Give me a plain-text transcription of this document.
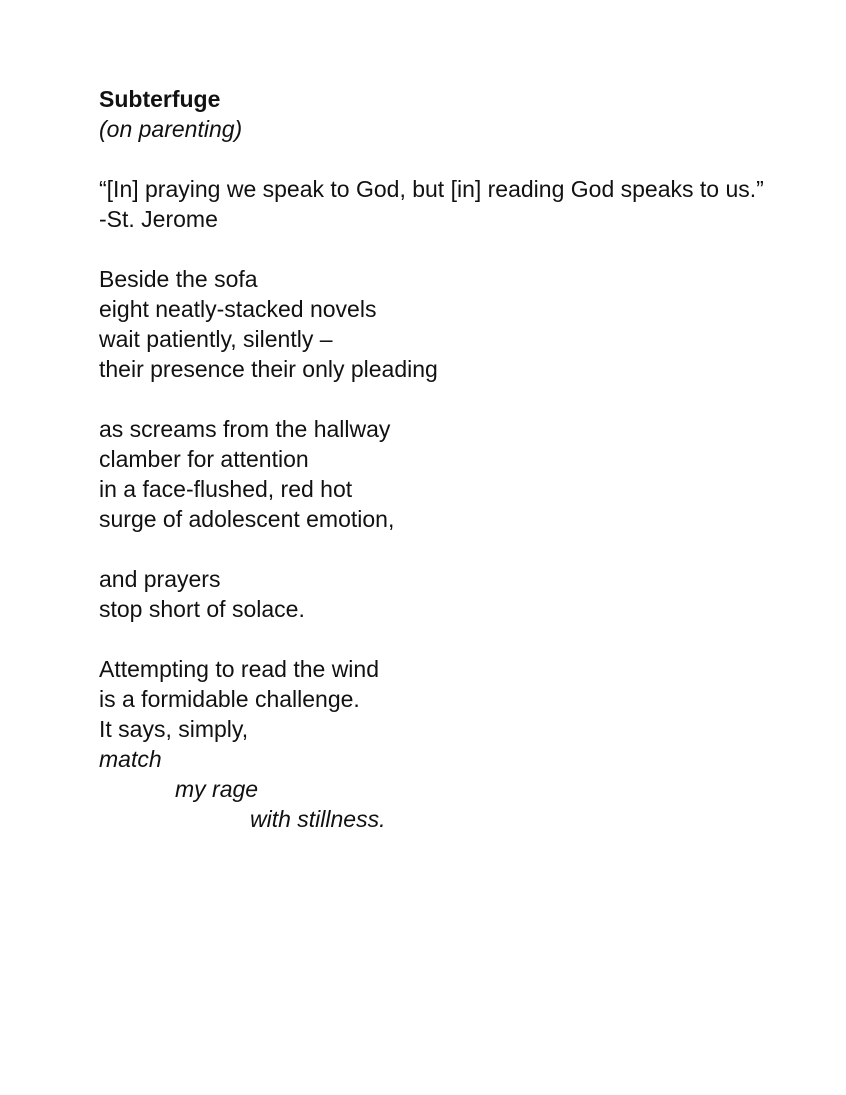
Subterfuge
(on parenting)
“[In] praying we speak to God, but [in] reading God speaks to us.”
-St. Jerome
Beside the sofa
eight neatly-stacked novels
wait patiently, silently –
their presence their only pleading
as screams from the hallway
clamber for attention
in a face-flushed, red hot
surge of adolescent emotion,
and prayers
stop short of solace.
Attempting to read the wind
is a formidable challenge.
It says, simply,
match
my rage
with stillness.
